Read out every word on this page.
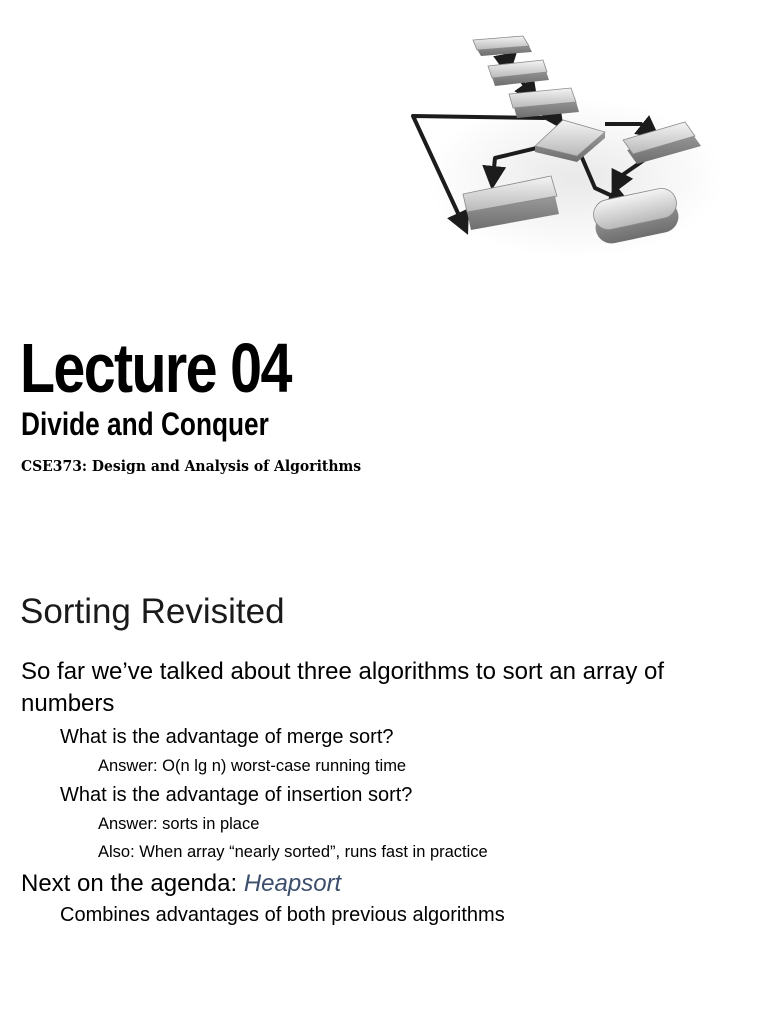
Lecture 04
Divide and Conquer

CSE373: Design and Analysis of Algorithms

Sorting Revisited
So far we’ve talked about three algorithms to sort an array of numbers
What is the advantage of merge sort?
Answer: O(n lg n) worst-case running time
What is the advantage of insertion sort?
Answer: sorts in place
Also: When array “nearly sorted”, runs fast in practice
Next on the agenda: Heapsort
Combines advantages of both previous algorithms
